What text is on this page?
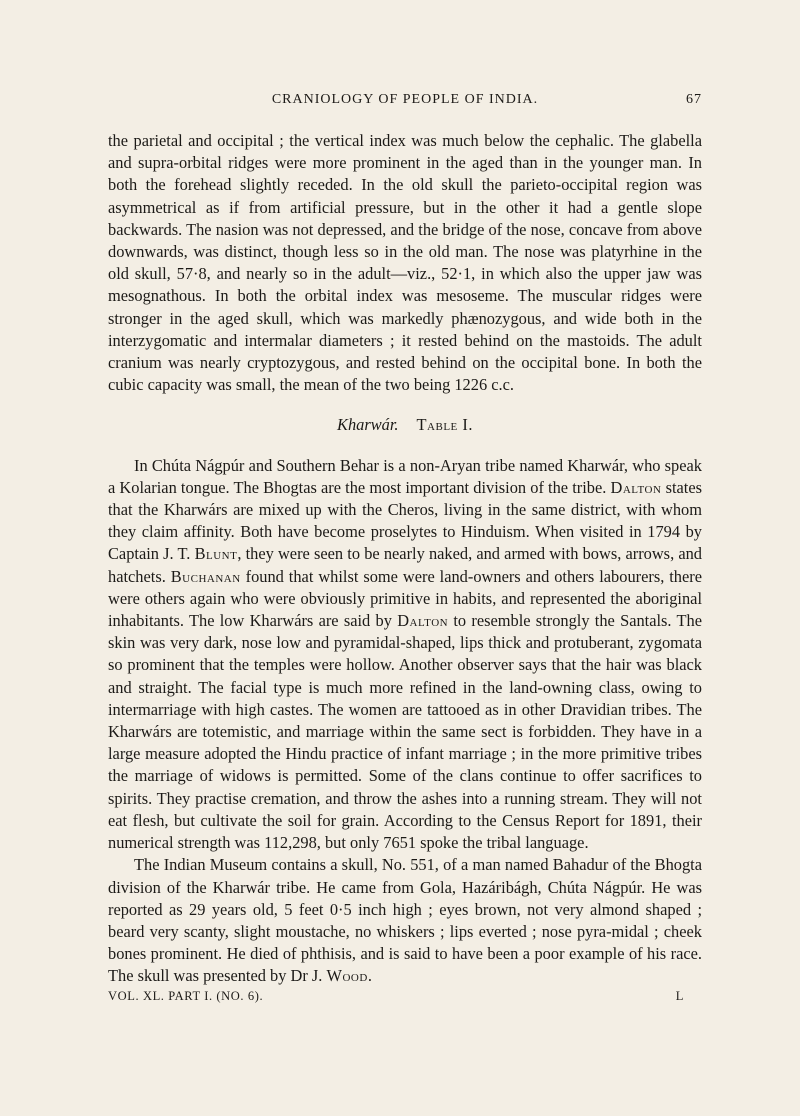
CRANIOLOGY OF PEOPLE OF INDIA.	67

the parietal and occipital ; the vertical index was much below the cephalic. The glabella and supra-orbital ridges were more prominent in the aged than in the younger man. In both the forehead slightly receded. In the old skull the parieto-occipital region was asymmetrical as if from artificial pressure, but in the other it had a gentle slope backwards. The nasion was not depressed, and the bridge of the nose, concave from above downwards, was distinct, though less so in the old man. The nose was platyrhine in the old skull, 57·8, and nearly so in the adult—viz., 52·1, in which also the upper jaw was mesognathous. In both the orbital index was mesoseme. The muscular ridges were stronger in the aged skull, which was markedly phænozygous, and wide both in the interzygomatic and intermalar diameters ; it rested behind on the mastoids. The adult cranium was nearly cryptozygous, and rested behind on the occipital bone. In both the cubic capacity was small, the mean of the two being 1226 c.c.

Kharwár. Table I.

In Chúta Nágpúr and Southern Behar is a non-Aryan tribe named Kharwár, who speak a Kolarian tongue. The Bhogtas are the most important division of the tribe. Dalton states that the Kharwárs are mixed up with the Cheros, living in the same district, with whom they claim affinity. Both have become proselytes to Hinduism. When visited in 1794 by Captain J. T. Blunt, they were seen to be nearly naked, and armed with bows, arrows, and hatchets. Buchanan found that whilst some were land-owners and others labourers, there were others again who were obviously primitive in habits, and represented the aboriginal inhabitants. The low Kharwárs are said by Dalton to resemble strongly the Santals. The skin was very dark, nose low and pyramidal-shaped, lips thick and protuberant, zygomata so prominent that the temples were hollow. Another observer says that the hair was black and straight. The facial type is much more refined in the land-owning class, owing to intermarriage with high castes. The women are tattooed as in other Dravidian tribes. The Kharwárs are totemistic, and marriage within the same sect is forbidden. They have in a large measure adopted the Hindu practice of infant marriage ; in the more primitive tribes the marriage of widows is permitted. Some of the clans continue to offer sacrifices to spirits. They practise cremation, and throw the ashes into a running stream. They will not eat flesh, but cultivate the soil for grain. According to the Census Report for 1891, their numerical strength was 112,298, but only 7651 spoke the tribal language.

The Indian Museum contains a skull, No. 551, of a man named Bahadur of the Bhogta division of the Kharwár tribe. He came from Gola, Hazáribágh, Chúta Nágpúr. He was reported as 29 years old, 5 feet 0·5 inch high ; eyes brown, not very almond shaped ; beard very scanty, slight moustache, no whiskers ; lips everted ; nose pyra-midal ; cheek bones prominent. He died of phthisis, and is said to have been a poor example of his race. The skull was presented by Dr J. Wood.

VOL. XL. PART I. (NO. 6).	L
